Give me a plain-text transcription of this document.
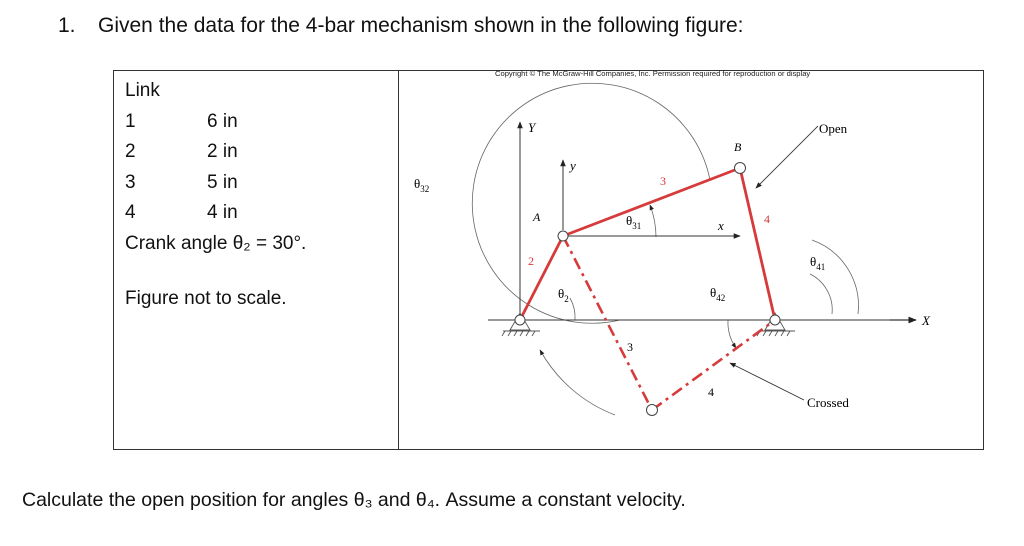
1. Given the data for the 4-bar mechanism shown in the following figure:
Link
1	6 in
2	2 in
3	5 in
4	4 in
Crank angle θ₂ = 30°.
Figure not to scale.
Copyright © The McGraw-Hill Companies, Inc. Permission required for reproduction or display
Y
y
A
B
x
X
2
3
4
3
4
$\theta_{32}$
$\theta_{31}$
$\theta_2$	$\theta_{42}$
$\theta_{41}$
Open
Crossed
Calculate the open position for angles θ₃ and θ₄. Assume a constant velocity.
